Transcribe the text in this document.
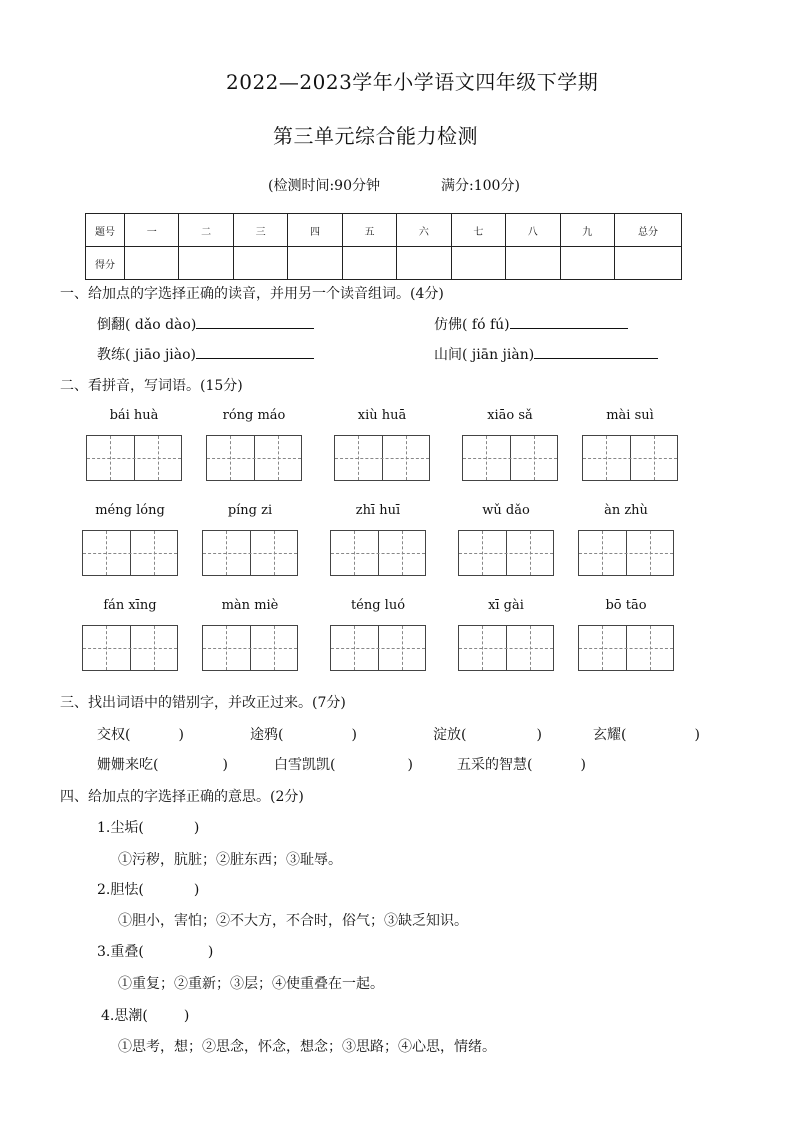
2022—2023学年小学语文四年级下学期
第三单元综合能力检测
(检测时间:90分钟	满分:100分)
题号	一	二	三	四	五	六	七	八	九	总分
得分										
一、给加点的字选择正确的读音，并用另一个读音组词。(4分)
倒翻( dǎo dào)	仿佛( fó fú)
教练( jiāo jiào)	山间( jiān jiàn)
二、看拼音，写词语。(15分)
bái huà	róng máo	xiù huā	xiāo sǎ	mài suì
méng lóng	píng zi	zhī huī	wǔ dǎo	àn zhù
fán xīng	màn miè	téng luó	xī gài	bō tāo
三、找出词语中的错别字，并改正过来。(7分)
交权(	)	途鸦(	)	淀放(	)	玄耀(	)
姗姗来吃(	)	白雪凯凯(	)	五采的智慧(	)
四、给加点的字选择正确的意思。(2分)
1.尘垢(	)
①污秽，肮脏；②脏东西；③耻辱。
2.胆怯(	)
①胆小，害怕；②不大方，不合时，俗气；③缺乏知识。
3.重叠(	)
①重复；②重新；③层；④使重叠在一起。
4.思潮(	)
①思考，想；②思念，怀念，想念；③思路；④心思，情绪。
